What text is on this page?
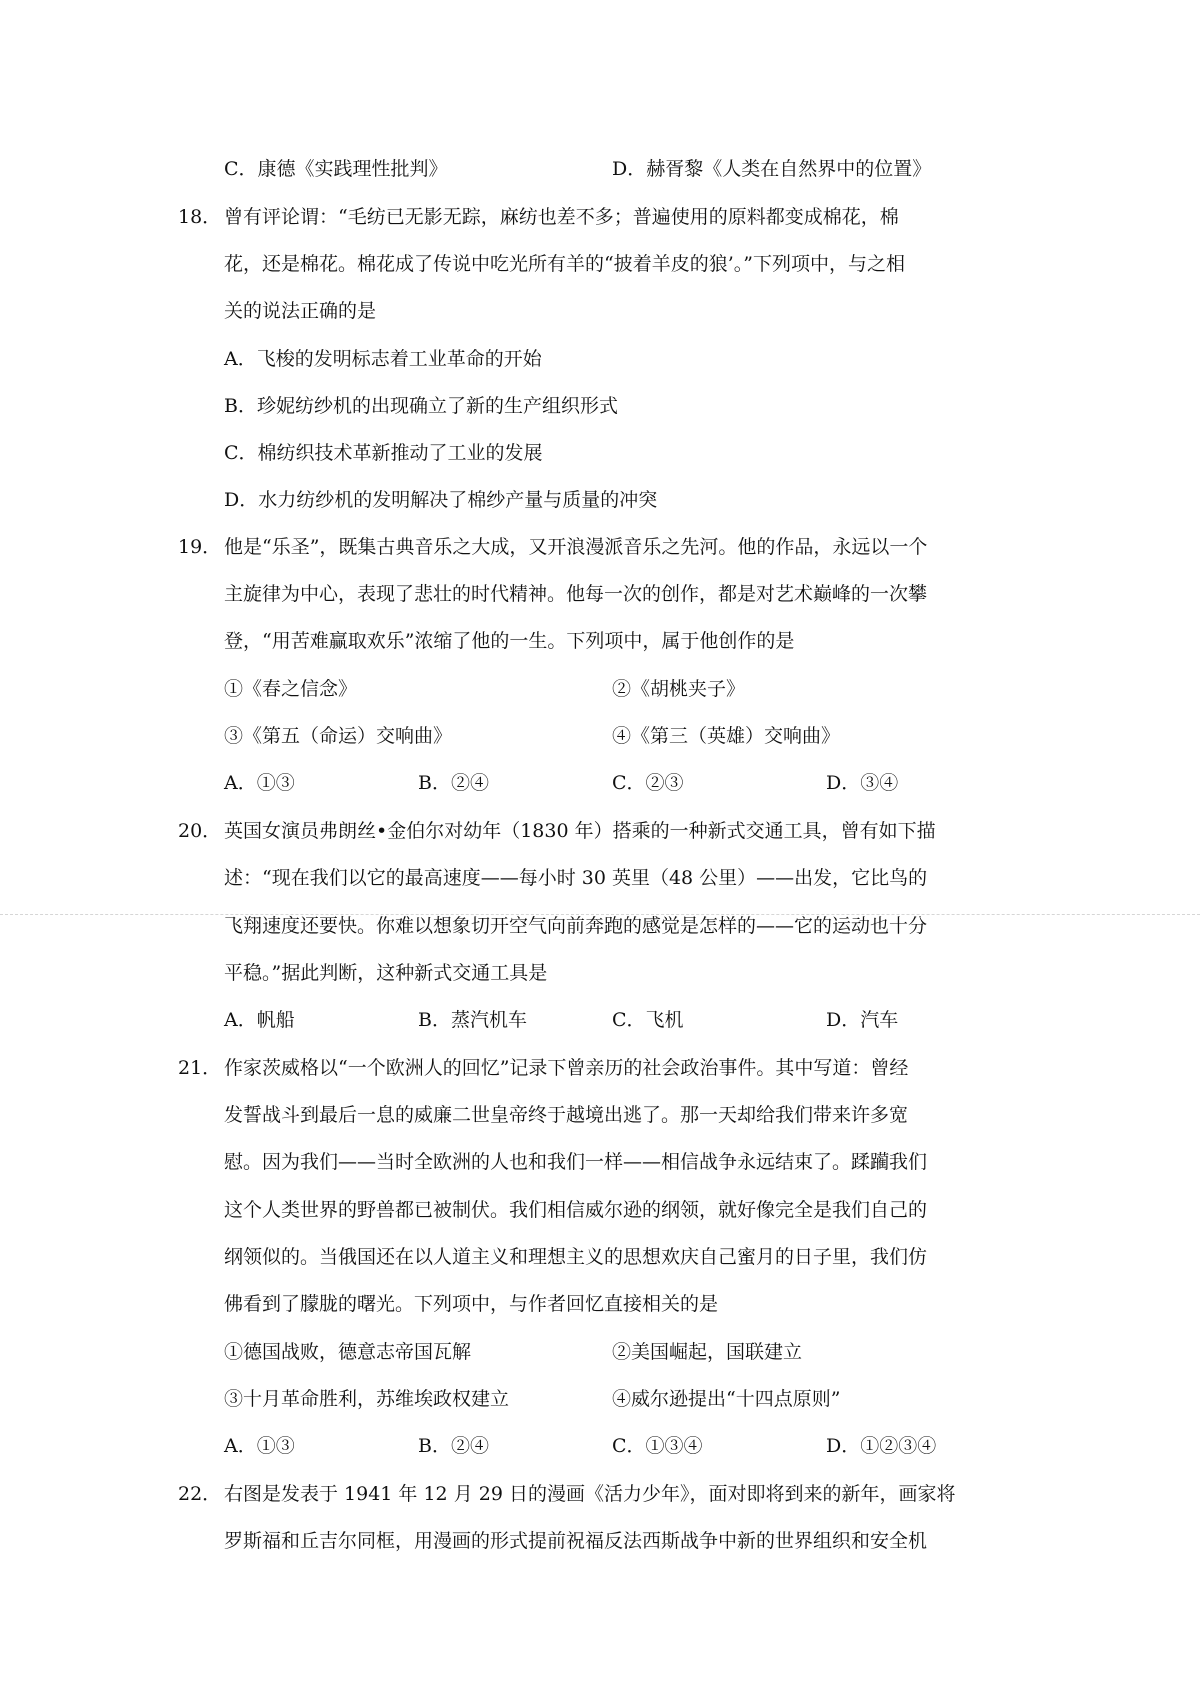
C．康德《实践理性批判》	D．赫胥黎《人类在自然界中的位置》
18． 曾有评论谓：“毛纺已无影无踪，麻纺也差不多；普遍使用的原料都变成棉花，棉
花，还是棉花。棉花成了传说中吃光所有羊的“披着羊皮的狼’。”下列项中，与之相
关的说法正确的是
A．飞梭的发明标志着工业革命的开始
B．珍妮纺纱机的出现确立了新的生产组织形式
C．棉纺织技术革新推动了工业的发展
D．水力纺纱机的发明解决了棉纱产量与质量的冲突
19． 他是“乐圣”，既集古典音乐之大成，又开浪漫派音乐之先河。他的作品，永远以一个
主旋律为中心，表现了悲壮的时代精神。他每一次的创作，都是对艺术巅峰的一次攀
登，“用苦难赢取欢乐”浓缩了他的一生。下列项中，属于他创作的是
①《春之信念》	②《胡桃夹子》
③《第五（命运）交响曲》	④《第三（英雄）交响曲》
A．①③	B．②④	C．②③	D．③④
20． 英国女演员弗朗丝•金伯尔对幼年（1830 年）搭乘的一种新式交通工具，曾有如下描
述：“现在我们以它的最高速度——每小时 30 英里（48 公里）——出发，它比鸟的
飞翔速度还要快。你难以想象切开空气向前奔跑的感觉是怎样的——它的运动也十分
平稳。”据此判断，这种新式交通工具是
A．帆船	B．蒸汽机车	C．飞机	D．汽车
21． 作家茨威格以“一个欧洲人的回忆”记录下曾亲历的社会政治事件。其中写道：曾经
发誓战斗到最后一息的威廉二世皇帝终于越境出逃了。那一天却给我们带来许多宽
慰。因为我们——当时全欧洲的人也和我们一样——相信战争永远结束了。蹂躏我们
这个人类世界的野兽都已被制伏。我们相信威尔逊的纲领，就好像完全是我们自己的
纲领似的。当俄国还在以人道主义和理想主义的思想欢庆自己蜜月的日子里，我们仿
佛看到了朦胧的曙光。下列项中，与作者回忆直接相关的是
①德国战败，德意志帝国瓦解	②美国崛起，国联建立
③十月革命胜利，苏维埃政权建立	④威尔逊提出“十四点原则”
A．①③	B．②④	C．①③④	D．①②③④
22． 右图是发表于 1941 年 12 月 29 日的漫画《活力少年》，面对即将到来的新年，画家将
罗斯福和丘吉尔同框，用漫画的形式提前祝福反法西斯战争中新的世界组织和安全机
